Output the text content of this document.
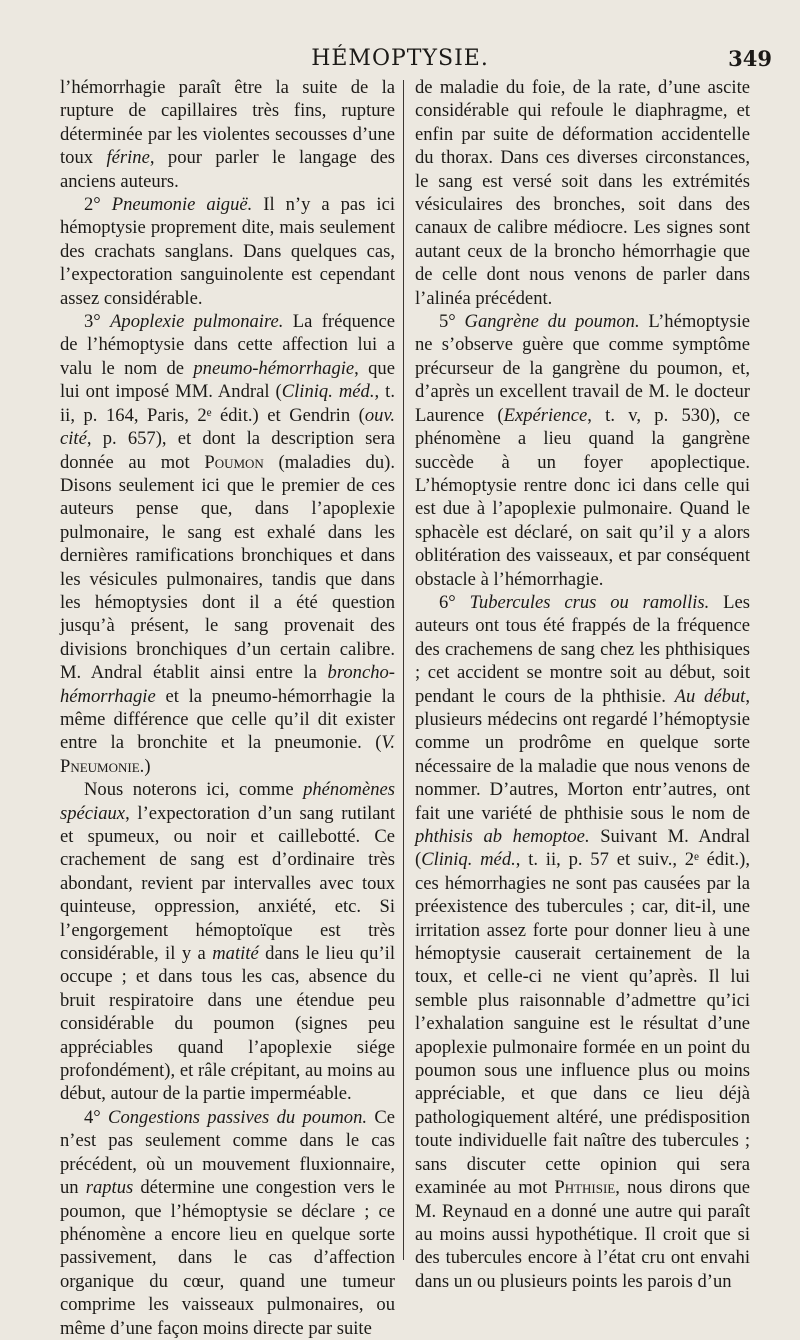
HÉMOPTYSIE.	349

l’hémorrhagie paraît être la suite de la rupture de capillaires très fins, rupture déterminée par les violentes secousses d’une toux férine, pour parler le langage des anciens auteurs.

2° Pneumonie aiguë. Il n’y a pas ici hémoptysie proprement dite, mais seulement des crachats sanglans. Dans quelques cas, l’expectoration sanguinolente est cependant assez considérable.

3° Apoplexie pulmonaire. La fréquence de l’hémoptysie dans cette affection lui a valu le nom de pneumo-hémorrhagie, que lui ont imposé MM. Andral (Cliniq. méd., t. ii, p. 164, Paris, 2ᵉ édit.) et Gendrin (ouv. cité, p. 657), et dont la description sera donnée au mot Poumon (maladies du). Disons seulement ici que le premier de ces auteurs pense que, dans l’apoplexie pulmonaire, le sang est exhalé dans les dernières ramifications bronchiques et dans les vésicules pulmonaires, tandis que dans les hémoptysies dont il a été question jusqu’à présent, le sang provenait des divisions bronchiques d’un certain calibre. M. Andral établit ainsi entre la broncho-hémorrhagie et la pneumo-hémorrhagie la même différence que celle qu’il dit exister entre la bronchite et la pneumonie. (V. Pneumonie.)

Nous noterons ici, comme phénomènes spéciaux, l’expectoration d’un sang rutilant et spumeux, ou noir et caillebotté. Ce crachement de sang est d’ordinaire très abondant, revient par intervalles avec toux quinteuse, oppression, anxiété, etc. Si l’engorgement hémoptoïque est très considérable, il y a matité dans le lieu qu’il occupe ; et dans tous les cas, absence du bruit respiratoire dans une étendue peu considérable du poumon (signes peu appréciables quand l’apoplexie siége profondément), et râle crépitant, au moins au début, autour de la partie imperméable.

4° Congestions passives du poumon. Ce n’est pas seulement comme dans le cas précédent, où un mouvement fluxionnaire, un raptus détermine une congestion vers le poumon, que l’hémoptysie se déclare ; ce phénomène a encore lieu en quelque sorte passivement, dans le cas d’affection organique du cœur, quand une tumeur comprime les vaisseaux pulmonaires, ou même d’une façon moins directe par suite

de maladie du foie, de la rate, d’une ascite considérable qui refoule le diaphragme, et enfin par suite de déformation accidentelle du thorax. Dans ces diverses circonstances, le sang est versé soit dans les extrémités vésiculaires des bronches, soit dans des canaux de calibre médiocre. Les signes sont autant ceux de la broncho hémorrhagie que de celle dont nous venons de parler dans l’alinéa précédent.

5° Gangrène du poumon. L’hémoptysie ne s’observe guère que comme symptôme précurseur de la gangrène du poumon, et, d’après un excellent travail de M. le docteur Laurence (Expérience, t. v, p. 530), ce phénomène a lieu quand la gangrène succède à un foyer apoplectique. L’hémoptysie rentre donc ici dans celle qui est due à l’apoplexie pulmonaire. Quand le sphacèle est déclaré, on sait qu’il y a alors oblitération des vaisseaux, et par conséquent obstacle à l’hémorrhagie.

6° Tubercules crus ou ramollis. Les auteurs ont tous été frappés de la fréquence des crachemens de sang chez les phthisiques ; cet accident se montre soit au début, soit pendant le cours de la phthisie. Au début, plusieurs médecins ont regardé l’hémoptysie comme un prodrôme en quelque sorte nécessaire de la maladie que nous venons de nommer. D’autres, Morton entr’autres, ont fait une variété de phthisie sous le nom de phthisis ab hemoptoe. Suivant M. Andral (Cliniq. méd., t. ii, p. 57 et suiv., 2ᵉ édit.), ces hémorrhagies ne sont pas causées par la préexistence des tubercules ; car, dit-il, une irritation assez forte pour donner lieu à une hémoptysie causerait certainement de la toux, et celle-ci ne vient qu’après. Il lui semble plus raisonnable d’admettre qu’ici l’exhalation sanguine est le résultat d’une apoplexie pulmonaire formée en un point du poumon sous une influence plus ou moins appréciable, et que dans ce lieu déjà pathologiquement altéré, une prédisposition toute individuelle fait naître des tubercules ; sans discuter cette opinion qui sera examinée au mot Phthisie, nous dirons que M. Reynaud en a donné une autre qui paraît au moins aussi hypothétique. Il croit que si des tubercules encore à l’état cru ont envahi dans un ou plusieurs points les parois d’un
